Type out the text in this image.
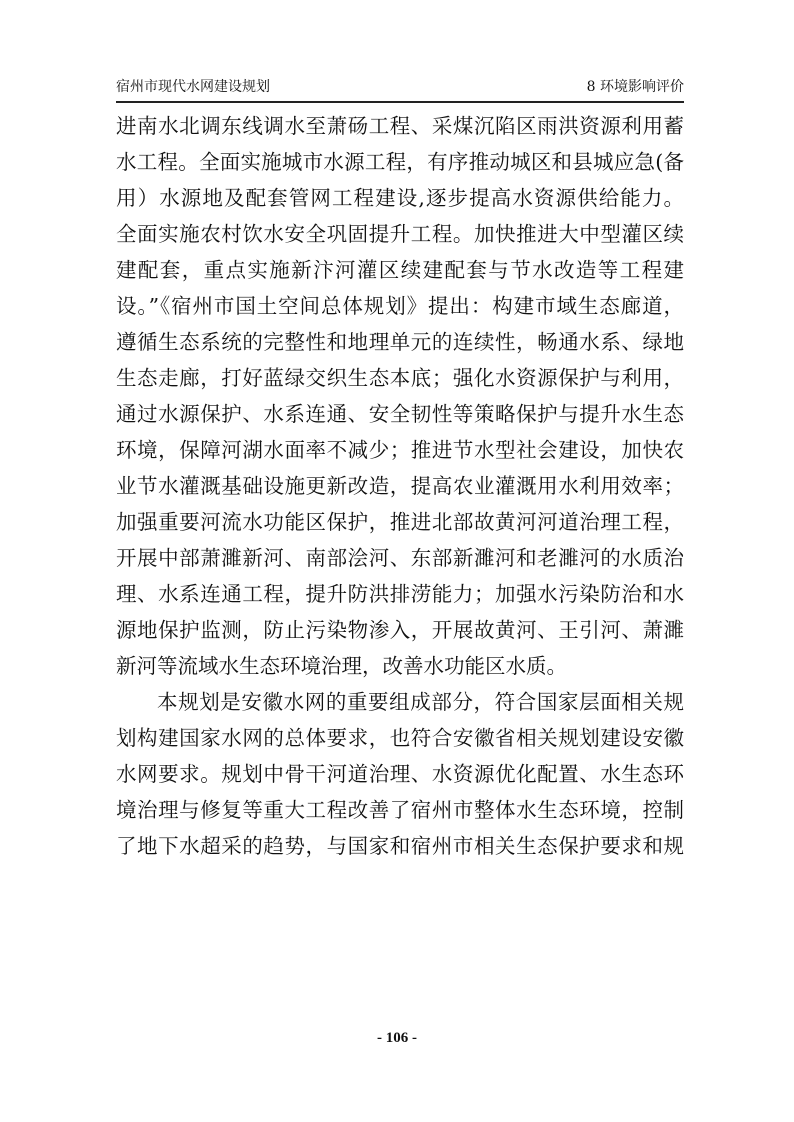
宿州市现代水网建设规划	8 环境影响评价
进南水北调东线调水至萧砀工程、采煤沉陷区雨洪资源利用蓄
水工程。全面实施城市水源工程，有序推动城区和县城应急(备
用）水源地及配套管网工程建设,逐步提高水资源供给能力。
全面实施农村饮水安全巩固提升工程。加快推进大中型灌区续
建配套，重点实施新汴河灌区续建配套与节水改造等工程建
设。”《宿州市国土空间总体规划》提出：构建市域生态廊道，
遵循生态系统的完整性和地理单元的连续性，畅通水系、绿地
生态走廊，打好蓝绿交织生态本底；强化水资源保护与利用，
通过水源保护、水系连通、安全韧性等策略保护与提升水生态
环境，保障河湖水面率不减少；推进节水型社会建设，加快农
业节水灌溉基础设施更新改造，提高农业灌溉用水利用效率；
加强重要河流水功能区保护，推进北部故黄河河道治理工程，
开展中部萧濉新河、南部浍河、东部新濉河和老濉河的水质治
理、水系连通工程，提升防洪排涝能力；加强水污染防治和水
源地保护监测，防止污染物渗入，开展故黄河、王引河、萧濉
新河等流域水生态环境治理，改善水功能区水质。
本规划是安徽水网的重要组成部分，符合国家层面相关规
划构建国家水网的总体要求，也符合安徽省相关规划建设安徽
水网要求。规划中骨干河道治理、水资源优化配置、水生态环
境治理与修复等重大工程改善了宿州市整体水生态环境，控制
了地下水超采的趋势，与国家和宿州市相关生态保护要求和规
- 106 -
